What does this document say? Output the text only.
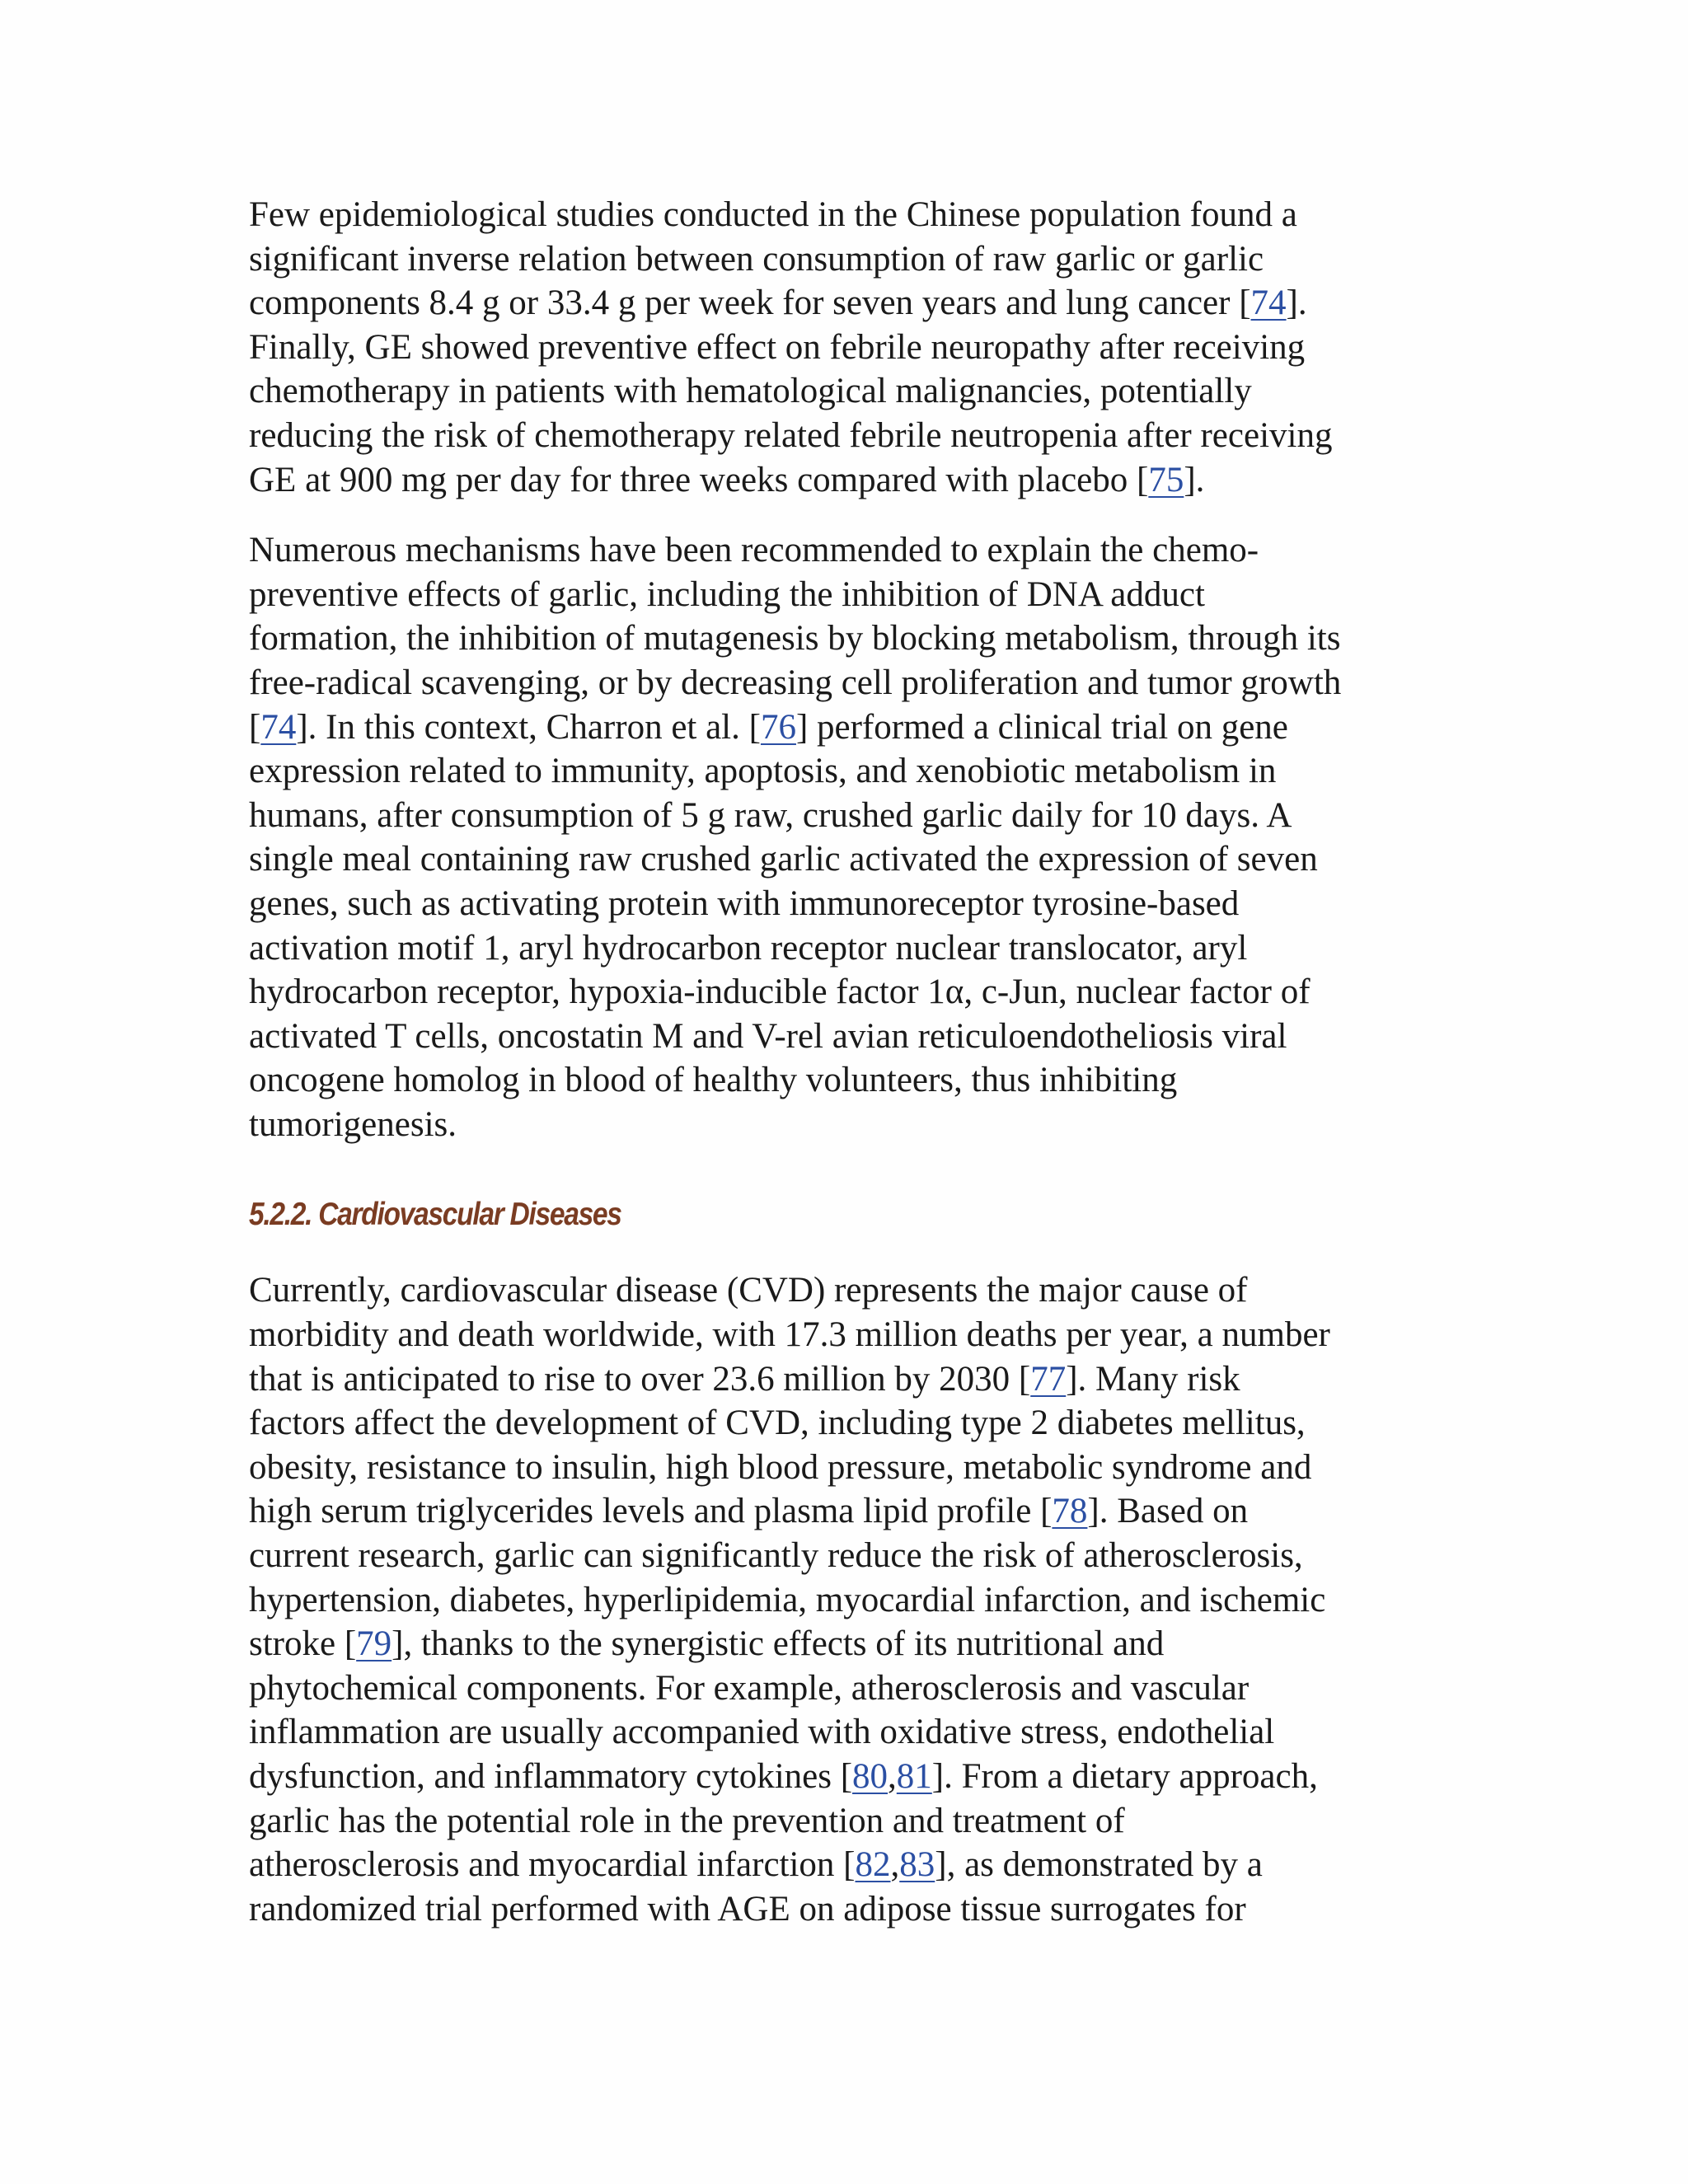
Few epidemiological studies conducted in the Chinese population found a
significant inverse relation between consumption of raw garlic or garlic
components 8.4 g or 33.4 g per week for seven years and lung cancer [74].
Finally, GE showed preventive effect on febrile neuropathy after receiving
chemotherapy in patients with hematological malignancies, potentially
reducing the risk of chemotherapy related febrile neutropenia after receiving
GE at 900 mg per day for three weeks compared with placebo [75].
Numerous mechanisms have been recommended to explain the chemo-
preventive effects of garlic, including the inhibition of DNA adduct
formation, the inhibition of mutagenesis by blocking metabolism, through its
free-radical scavenging, or by decreasing cell proliferation and tumor growth
[74]. In this context, Charron et al. [76] performed a clinical trial on gene
expression related to immunity, apoptosis, and xenobiotic metabolism in
humans, after consumption of 5 g raw, crushed garlic daily for 10 days. A
single meal containing raw crushed garlic activated the expression of seven
genes, such as activating protein with immunoreceptor tyrosine-based
activation motif 1, aryl hydrocarbon receptor nuclear translocator, aryl
hydrocarbon receptor, hypoxia-inducible factor 1α, c-Jun, nuclear factor of
activated T cells, oncostatin M and V-rel avian reticuloendotheliosis viral
oncogene homolog in blood of healthy volunteers, thus inhibiting
tumorigenesis.
5.2.2. Cardiovascular Diseases
Currently, cardiovascular disease (CVD) represents the major cause of
morbidity and death worldwide, with 17.3 million deaths per year, a number
that is anticipated to rise to over 23.6 million by 2030 [77]. Many risk
factors affect the development of CVD, including type 2 diabetes mellitus,
obesity, resistance to insulin, high blood pressure, metabolic syndrome and
high serum triglycerides levels and plasma lipid profile [78]. Based on
current research, garlic can significantly reduce the risk of atherosclerosis,
hypertension, diabetes, hyperlipidemia, myocardial infarction, and ischemic
stroke [79], thanks to the synergistic effects of its nutritional and
phytochemical components. For example, atherosclerosis and vascular
inflammation are usually accompanied with oxidative stress, endothelial
dysfunction, and inflammatory cytokines [80,81]. From a dietary approach,
garlic has the potential role in the prevention and treatment of
atherosclerosis and myocardial infarction [82,83], as demonstrated by a
randomized trial performed with AGE on adipose tissue surrogates for
